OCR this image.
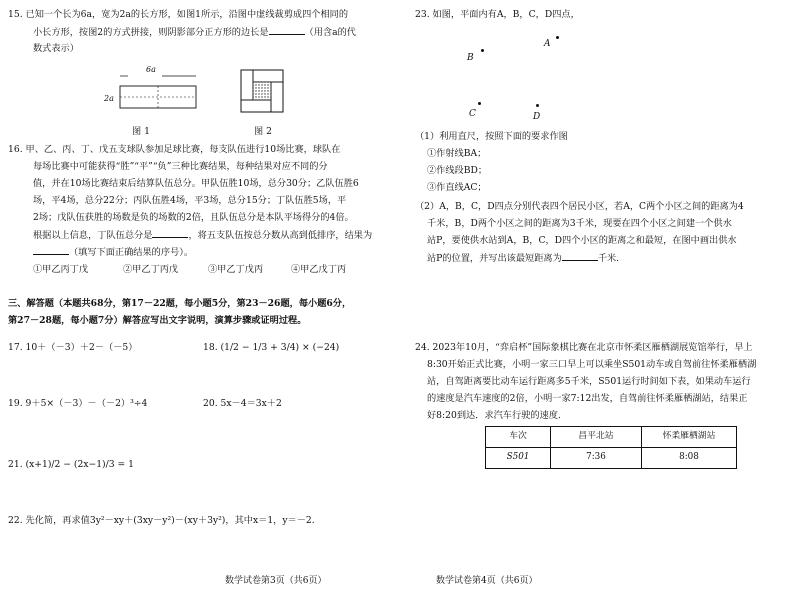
15. 已知一个长为6a，宽为2a的长方形，如图1所示，沿图中虚线裁剪成四个相同的
小长方形，按图2的方式拼接，则阴影部分正方形的边长是	（用含a的代
数式表示）
6a
2a
图 1	图 2
16. 甲、乙、丙、丁、戊五支球队参加足球比赛，每支队伍进行10场比赛，球队在
每场比赛中可能获得“胜”“平”“负”三种比赛结果，每种结果对应不同的分
值，并在10场比赛结束后结算队伍总分。甲队伍胜10场，总分30分；乙队伍胜6
场，平4场，总分22分；丙队伍胜4场，平3场，总分15分；丁队伍胜5场，平
2场；戊队伍获胜的场数是负的场数的2倍，且队伍总分是本队平场得分的4倍。
根据以上信息，丁队伍总分是	，将五支队伍按总分数从高到低排序，结果为
（填写下面正确结果的序号）。
①甲乙丙丁戊	②甲乙丁丙戊	③甲乙丁戊丙	④甲乙戊丁丙
三、解答题（本题共68分，第17－22题，每小题5分，第23－26题，每小题6分，
第27－28题，每小题7分）解答应写出文字说明，演算步骤或证明过程。
17. 10＋（－3）＋2－（－5）	18. (1/2 − 1/3 + 3/4) × (−24)
19. 9＋5×（－3）－（－2）³÷4	20. 5x－4＝3x＋2
21. (x+1)/2 − (2x−1)/3 = 1
22. 先化简，再求值3y²－xy＋(3xy－y²)－(xy＋3y²)，其中x＝1，y＝－2.
23. 如图，平面内有A，B，C，D四点，
B
A
C	D
（1）利用直尺，按照下面的要求作图
①作射线BA；
②作线段BD；
③作直线AC；
（2）A，B，C，D四点分别代表四个居民小区，若A，C两个小区之间的距离为4
千米，B，D两个小区之间的距离为3千米，现要在四个小区之间建一个供水
站P，要使供水站到A，B，C，D四个小区的距离之和最短，在图中画出供水
站P的位置，并写出该最短距离为	千米.
24. 2023年10月，“弈启杯”国际象棋比赛在北京市怀柔区雁栖湖展览馆举行，早上
8:30开始正式比赛，小明一家三口早上可以乘坐S501动车或自驾前往怀柔雁栖湖
站，自驾距离要比动车运行距离多5千米，S501运行时间如下表，如果动车运行
的速度是汽车速度的2倍，小明一家7:12出发，自驾前往怀柔雁栖湖站，结果正
好8:20到达．求汽车行驶的速度.
车次	昌平北站	怀柔雁栖湖站
S501	7:36	8:08
数学试卷第3页（共6页）	数学试卷第4页（共6页）
